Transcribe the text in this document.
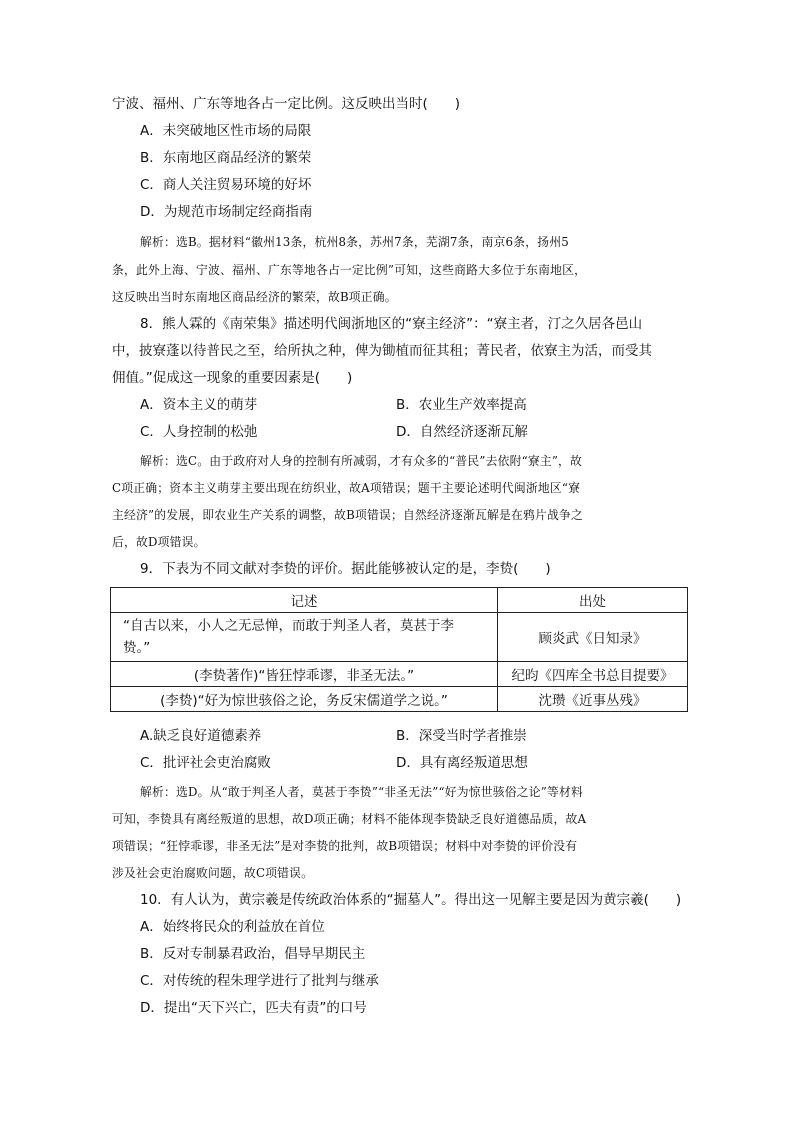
宁波、福州、广东等地各占一定比例。这反映出当时(　　)
A．未突破地区性市场的局限
B．东南地区商品经济的繁荣
C．商人关注贸易环境的好坏
D．为规范市场制定经商指南
解析：选B。据材料“徽州13条，杭州8条，苏州7条，芜湖7条，南京6条，扬州5
条，此外上海、宁波、福州、广东等地各占一定比例”可知，这些商路大多位于东南地区，
这反映出当时东南地区商品经济的繁荣，故B项正确。
8．熊人霖的《南荣集》描述明代闽浙地区的“寮主经济”：“寮主者，汀之久居各邑山
中，披寮蓬以待普民之至，给所执之种，俾为锄植而征其租；菁民者，依寮主为活，而受其
佣值。”促成这一现象的重要因素是(　　)
A．资本主义的萌芽	B．农业生产效率提高
C．人身控制的松弛	D．自然经济逐渐瓦解
解析：选C。由于政府对人身的控制有所减弱，才有众多的“普民”去依附“寮主”，故
C项正确；资本主义萌芽主要出现在纺织业，故A项错误；题干主要论述明代闽浙地区“寮
主经济”的发展，即农业生产关系的调整，故B项错误；自然经济逐渐瓦解是在鸦片战争之
后，故D项错误。
9．下表为不同文献对李贽的评价。据此能够被认定的是，李贽(　　)
记述	出处

“自古以来，小人之无忌惮，而敢于判圣人者，莫甚于李
贽。”	顾炎武《日知录》
(李贽著作)“皆狂悖乖谬，非圣无法。”	纪昀《四库全书总目提要》
(李贽)“好为惊世骇俗之论，务反宋儒道学之说。”	沈瓒《近事丛残》
A.缺乏良好道德素养	B．深受当时学者推崇
C．批评社会吏治腐败	D．具有离经叛道思想
解析：选D。从“敢于判圣人者，莫甚于李贽”“非圣无法”“好为惊世骇俗之论”等材料
可知，李贽具有离经叛道的思想，故D项正确；材料不能体现李贽缺乏良好道德品质，故A
项错误；“狂悖乖谬，非圣无法”是对李贽的批判，故B项错误；材料中对李贽的评价没有
涉及社会吏治腐败问题，故C项错误。
10．有人认为，黄宗羲是传统政治体系的“掘墓人”。得出这一见解主要是因为黄宗羲(　　)
A．始终将民众的利益放在首位
B．反对专制暴君政治，倡导早期民主
C．对传统的程朱理学进行了批判与继承
D．提出“天下兴亡，匹夫有责”的口号
